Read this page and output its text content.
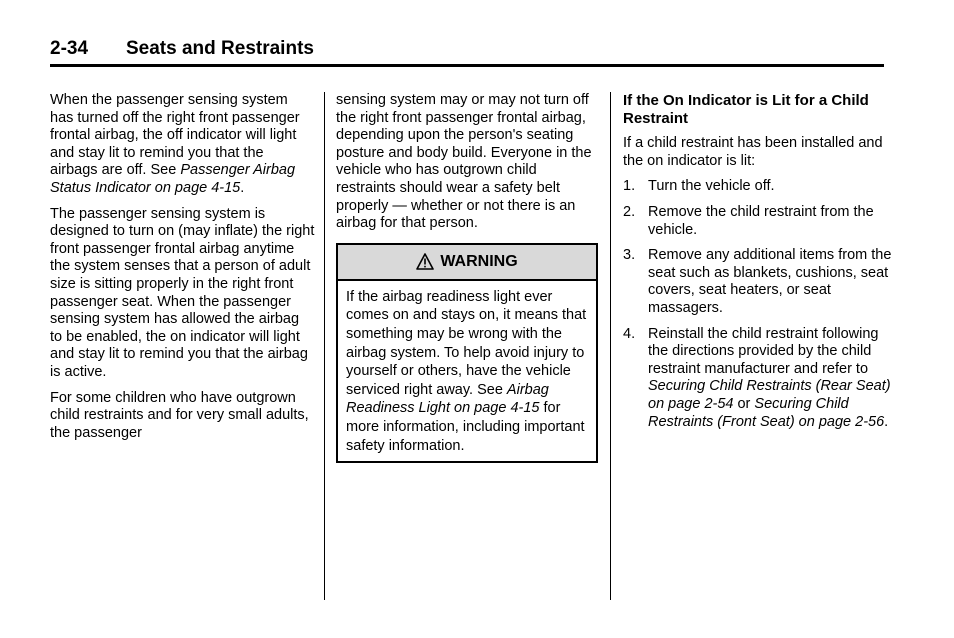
2-34 Seats and Restraints

When the passenger sensing system has turned off the right front passenger frontal airbag, the off indicator will light and stay lit to remind you that the airbags are off. See Passenger Airbag Status Indicator on page 4-15.

The passenger sensing system is designed to turn on (may inflate) the right front passenger frontal airbag anytime the system senses that a person of adult size is sitting properly in the right front passenger seat. When the passenger sensing system has allowed the airbag to be enabled, the on indicator will light and stay lit to remind you that the airbag is active.

For some children who have outgrown child restraints and for very small adults, the passenger

sensing system may or may not turn off the right front passenger frontal airbag, depending upon the person's seating posture and body build. Everyone in the vehicle who has outgrown child restraints should wear a safety belt properly — whether or not there is an airbag for that person.

WARNING
If the airbag readiness light ever comes on and stays on, it means that something may be wrong with the airbag system. To help avoid injury to yourself or others, have the vehicle serviced right away. See Airbag Readiness Light on page 4-15 for more information, including important safety information.
If the On Indicator is Lit for a Child Restraint

If a child restraint has been installed and the on indicator is lit:

1. Turn the vehicle off.
2. Remove the child restraint from the vehicle.
3. Remove any additional items from the seat such as blankets, cushions, seat covers, seat heaters, or seat massagers.
4. Reinstall the child restraint following the directions provided by the child restraint manufacturer and refer to Securing Child Restraints (Rear Seat) on page 2-54 or Securing Child Restraints (Front Seat) on page 2-56.
